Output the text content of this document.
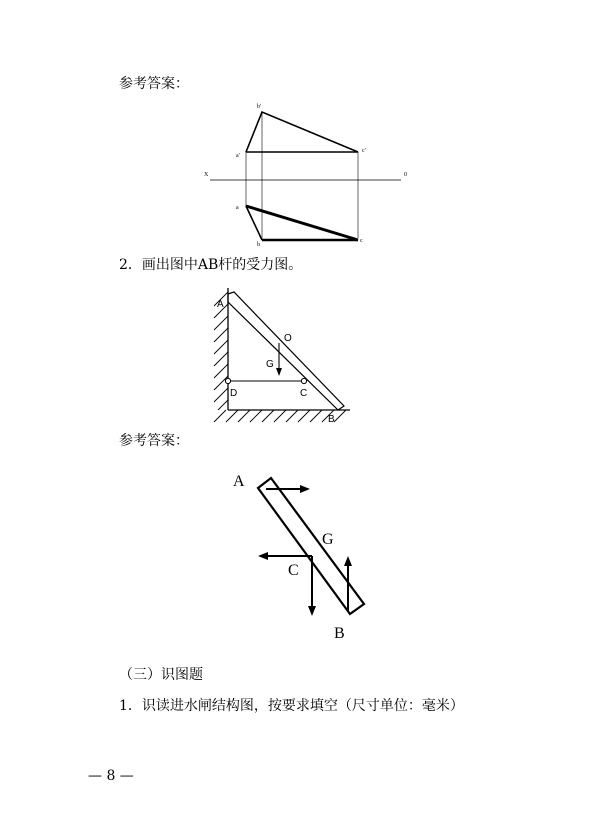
参考答案：
X	0
b'
a'
c'
a
b
c
2．画出图中AB杆的受力图。
A
O
G
D	C
B
参考答案：
A
G
C
B
（三）识图题
1．识读进水闸结构图，按要求填空（尺寸单位：毫米）
— 8 —
